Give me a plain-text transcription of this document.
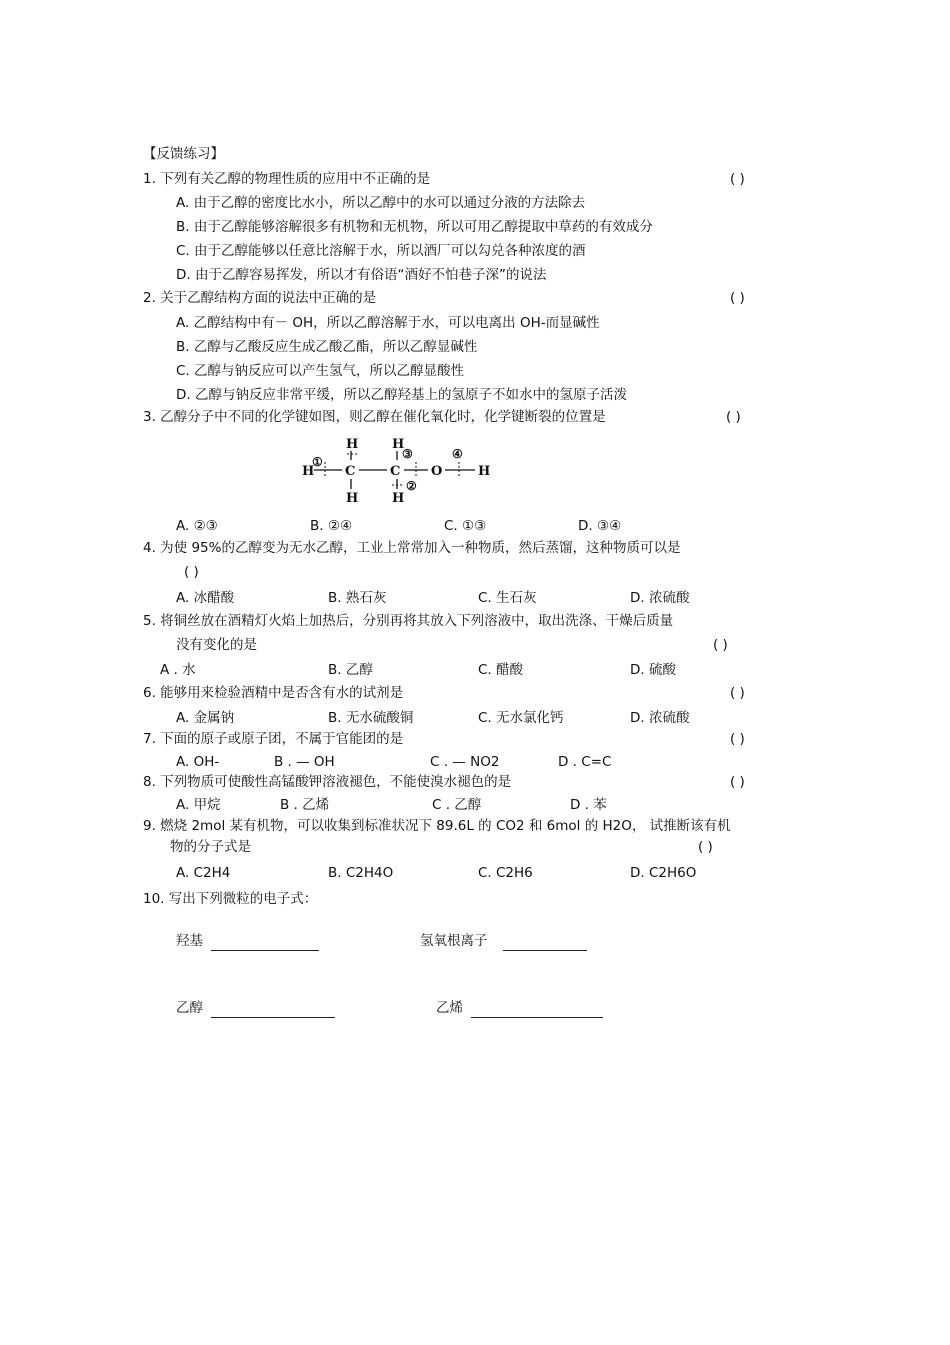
【反馈练习】
1. 下列有关乙醇的物理性质的应用中不正确的是	( )
A. 由于乙醇的密度比水小，所以乙醇中的水可以通过分液的方法除去
B. 由于乙醇能够溶解很多有机物和无机物，所以可用乙醇提取中草药的有效成分
C. 由于乙醇能够以任意比溶解于水，所以酒厂可以勾兑各种浓度的酒
D. 由于乙醇容易挥发，所以才有俗语“酒好不怕巷子深”的说法
2. 关于乙醇结构方面的说法中正确的是	( )
A. 乙醇结构中有－ OH，所以乙醇溶解于水，可以电离出 OH-而显碱性
B. 乙醇与乙酸反应生成乙酸乙酯，所以乙醇显碱性
C. 乙醇与钠反应可以产生氢气，所以乙醇显酸性
D. 乙醇与钠反应非常平缓，所以乙醇羟基上的氢原子不如水中的氢原子活泼
3. 乙醇分子中不同的化学键如图，则乙醇在催化氧化时，化学键断裂的位置是	( )
H	H
H C	C O	H
H	H
①
②
③	④
A. ②③	B. ②④	C. ①③	D. ③④
4. 为使 95%的乙醇变为无水乙醇，工业上常常加入一种物质，然后蒸馏，这种物质可以是
( )
A. 冰醋酸	B. 熟石灰	C. 生石灰	D. 浓硫酸
5. 将铜丝放在酒精灯火焰上加热后，分别再将其放入下列溶液中，取出洗涤、干燥后质量
没有变化的是	( )
A . 水	B. 乙醇	C. 醋酸	D. 硫酸
6. 能够用来检验酒精中是否含有水的试剂是	( )
A. 金属钠	B. 无水硫酸铜	C. 无水氯化钙	D. 浓硫酸
7. 下面的原子或原子团，不属于官能团的是	( )
A. OH-	B . — OH	C . — NO2	D . C=C
8. 下列物质可使酸性高锰酸钾溶液褪色，不能使溴水褪色的是	( )
A. 甲烷	B . 乙烯	C . 乙醇	D . 苯
9. 燃烧 2mol 某有机物，可以收集到标准状况下 89.6L 的 CO2 和 6mol 的 H2O， 试推断该有机
物的分子式是	( )
A. C2H4	B. C2H4O	C. C2H6	D. C2H6O
10. 写出下列微粒的电子式：
羟基	氢氧根离子
乙醇	乙烯
